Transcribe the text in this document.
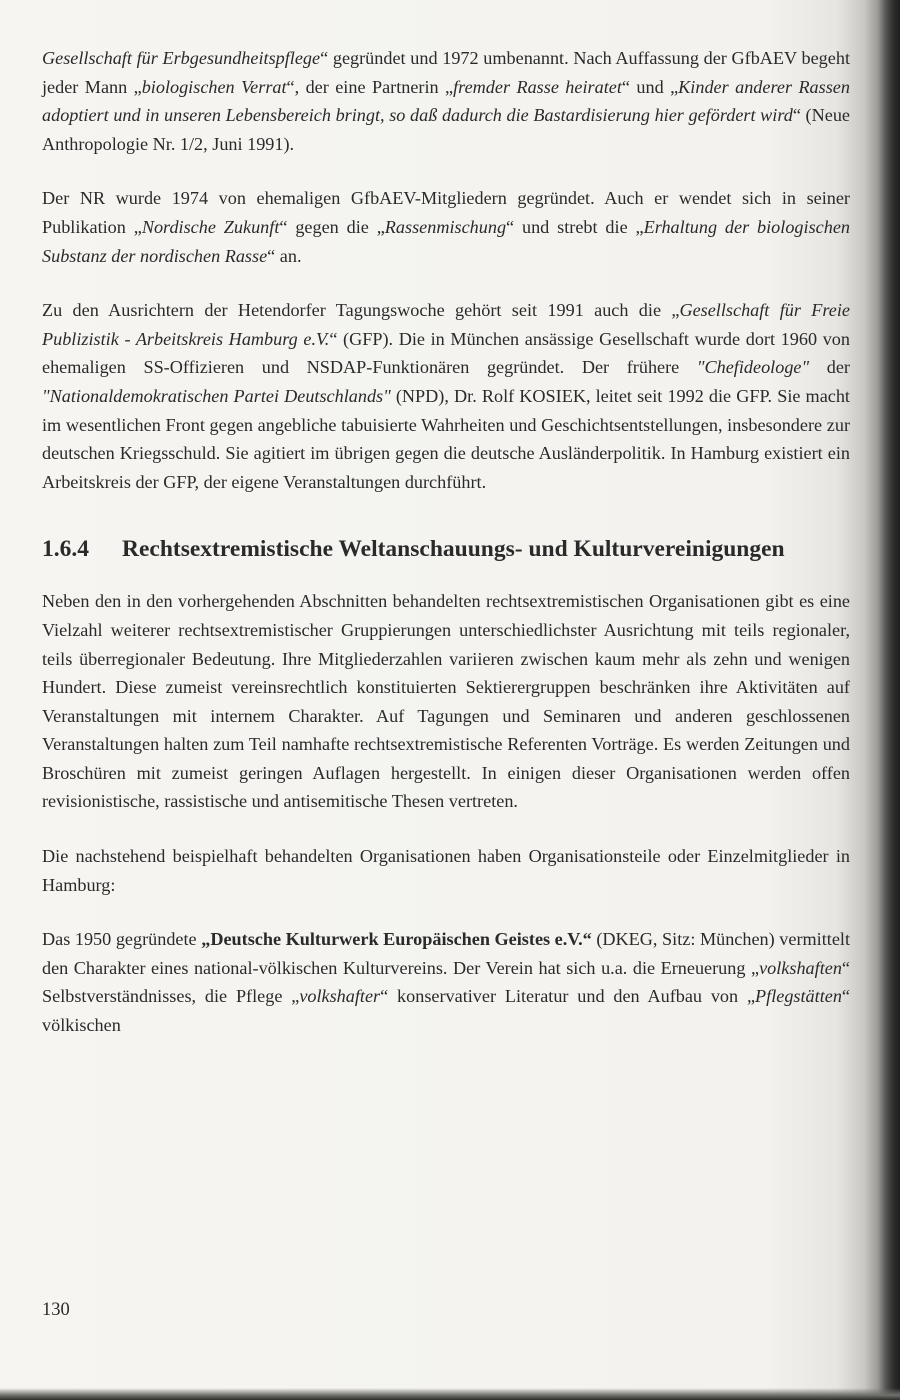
Gesellschaft für Erbgesundheitspflege“ gegründet und 1972 umbenannt. Nach Auffassung der GfbAEV begeht jeder Mann „biologischen Verrat“, der eine Partnerin „fremder Rasse heiratet“ und „Kinder anderer Rassen adoptiert und in unseren Lebensbereich bringt, so daß dadurch die Bastardisierung hier gefördert wird“ (Neue Anthropologie Nr. 1/2, Juni 1991).

Der NR wurde 1974 von ehemaligen GfbAEV-Mitgliedern gegründet. Auch er wendet sich in seiner Publikation „Nordische Zukunft“ gegen die „Rassenmischung“ und strebt die „Erhaltung der biologischen Substanz der nordischen Rasse“ an.

Zu den Ausrichtern der Hetendorfer Tagungswoche gehört seit 1991 auch die „Gesellschaft für Freie Publizistik - Arbeitskreis Hamburg e.V.“ (GFP). Die in München ansässige Gesellschaft wurde dort 1960 von ehemaligen SS-Offizieren und NSDAP-Funktionären gegründet. Der frühere "Chefideologe" der "Nationaldemokratischen Partei Deutschlands" (NPD), Dr. Rolf KOSIEK, leitet seit 1992 die GFP. Sie macht im wesentlichen Front gegen angebliche tabuisierte Wahrheiten und Geschichtsentstellungen, insbesondere zur deutschen Kriegsschuld. Sie agitiert im übrigen gegen die deutsche Ausländerpolitik. In Hamburg existiert ein Arbeitskreis der GFP, der eigene Veranstaltungen durchführt.

1.6.4	Rechtsextremistische Weltanschauungs- und Kulturvereinigungen

Neben den in den vorhergehenden Abschnitten behandelten rechtsextremistischen Organisationen gibt es eine Vielzahl weiterer rechtsextremistischer Gruppierungen unterschiedlichster Ausrichtung mit teils regionaler, teils überregionaler Bedeutung. Ihre Mitgliederzahlen variieren zwischen kaum mehr als zehn und wenigen Hundert. Diese zumeist vereinsrechtlich konstituierten Sektierergruppen beschränken ihre Aktivitäten auf Veranstaltungen mit internem Charakter. Auf Tagungen und Seminaren und anderen geschlossenen Veranstaltungen halten zum Teil namhafte rechtsextremistische Referenten Vorträge. Es werden Zeitungen und Broschüren mit zumeist geringen Auflagen hergestellt. In einigen dieser Organisationen werden offen revisionistische, rassistische und antisemitische Thesen vertreten.

Die nachstehend beispielhaft behandelten Organisationen haben Organisationsteile oder Einzelmitglieder in Hamburg:

Das 1950 gegründete „Deutsche Kulturwerk Europäischen Geistes e.V.“ (DKEG, Sitz: München) vermittelt den Charakter eines national-völkischen Kulturvereins. Der Verein hat sich u.a. die Erneuerung „volkshaften“ Selbstverständnisses, die Pflege „volkshafter“ konservativer Literatur und den Aufbau von „Pflegstätten“ völkischen

130
